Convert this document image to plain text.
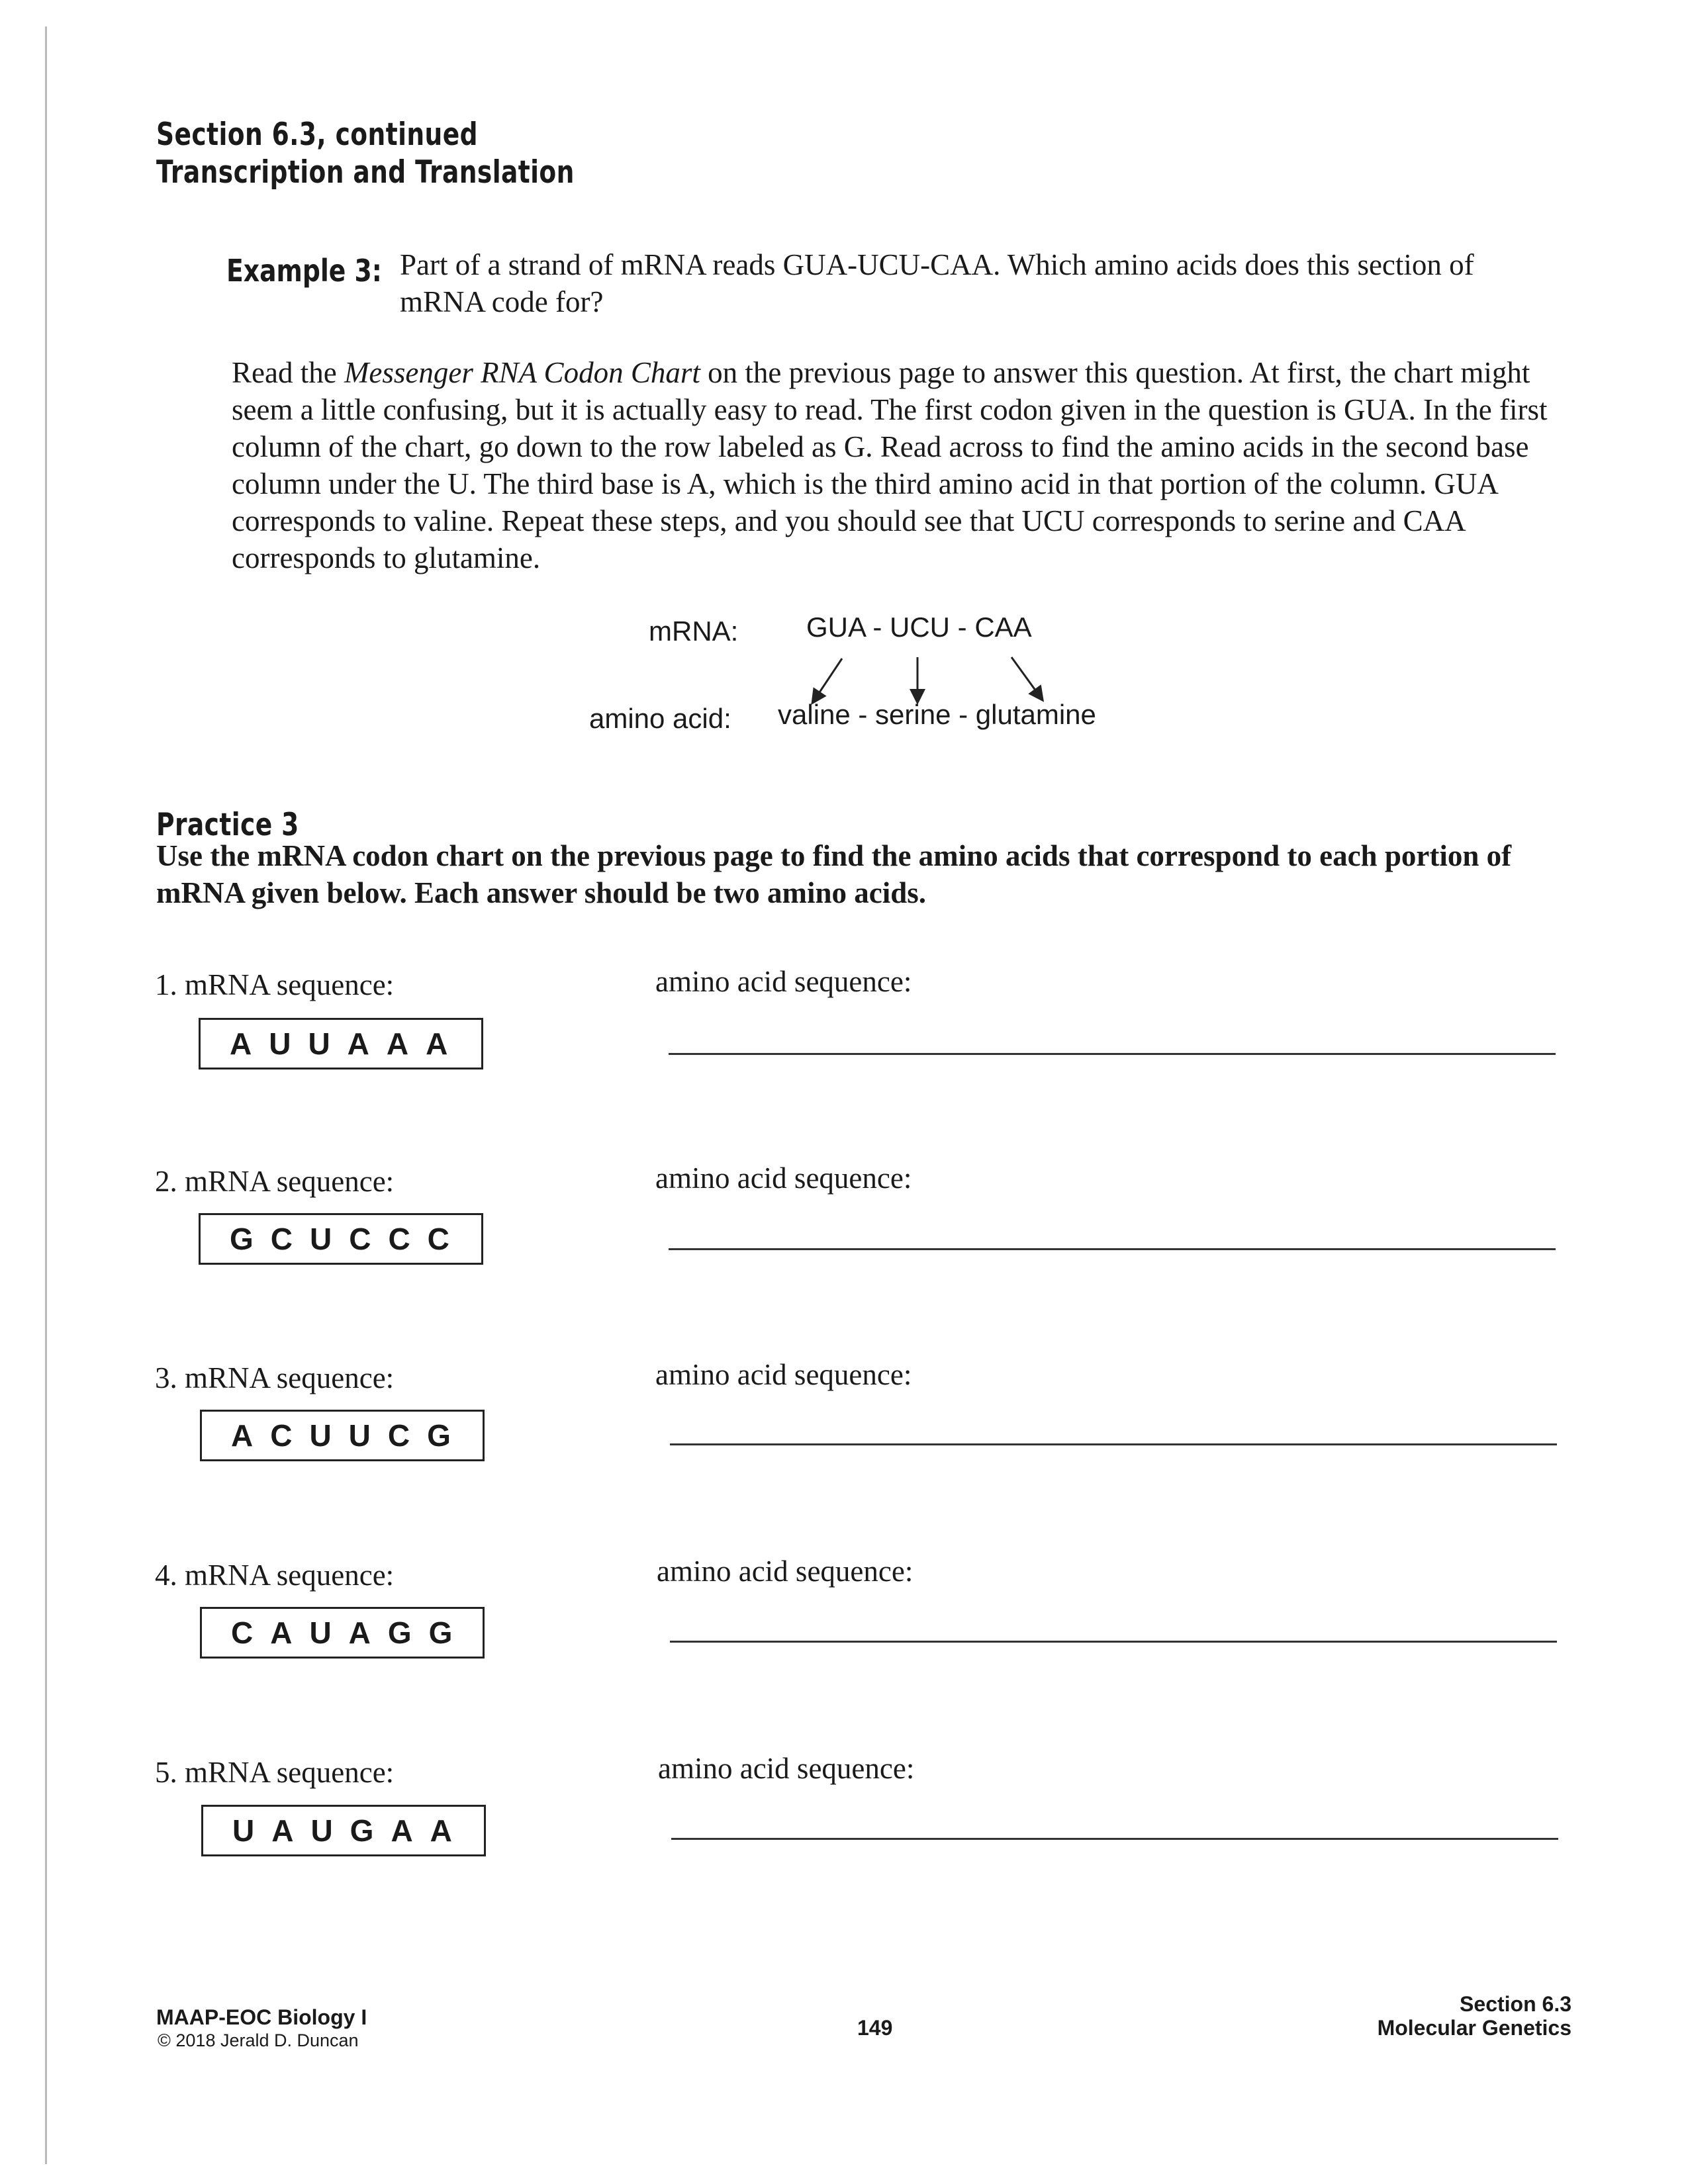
Section 6.3, continued
Transcription and Translation
Example 3: Part of a strand of mRNA reads GUA-UCU-CAA. Which amino acids does this section of mRNA code for?
Read the Messenger RNA Codon Chart on the previous page to answer this question. At first, the chart might seem a little confusing, but it is actually easy to read. The first codon given in the question is GUA. In the first column of the chart, go down to the row labeled as G. Read across to find the amino acids in the second base column under the U. The third base is A, which is the third amino acid in that portion of the column. GUA corresponds to valine. Repeat these steps, and you should see that UCU corresponds to serine and CAA corresponds to glutamine.
mRNA: GUA - UCU - CAA
amino acid: valine - serine - glutamine
Practice 3
Use the mRNA codon chart on the previous page to find the amino acids that correspond to each portion of mRNA given below. Each answer should be two amino acids.
1. mRNA sequence:	amino acid sequence:
AUUAAA
2. mRNA sequence:	amino acid sequence:
GCUCCC
3. mRNA sequence:	amino acid sequence:
ACUUCG
4. mRNA sequence:	amino acid sequence:
CAUAGG
5. mRNA sequence:	amino acid sequence:
UAUGAA
MAAP-EOC Biology I
© 2018 Jerald D. Duncan
149
Section 6.3
Molecular Genetics
